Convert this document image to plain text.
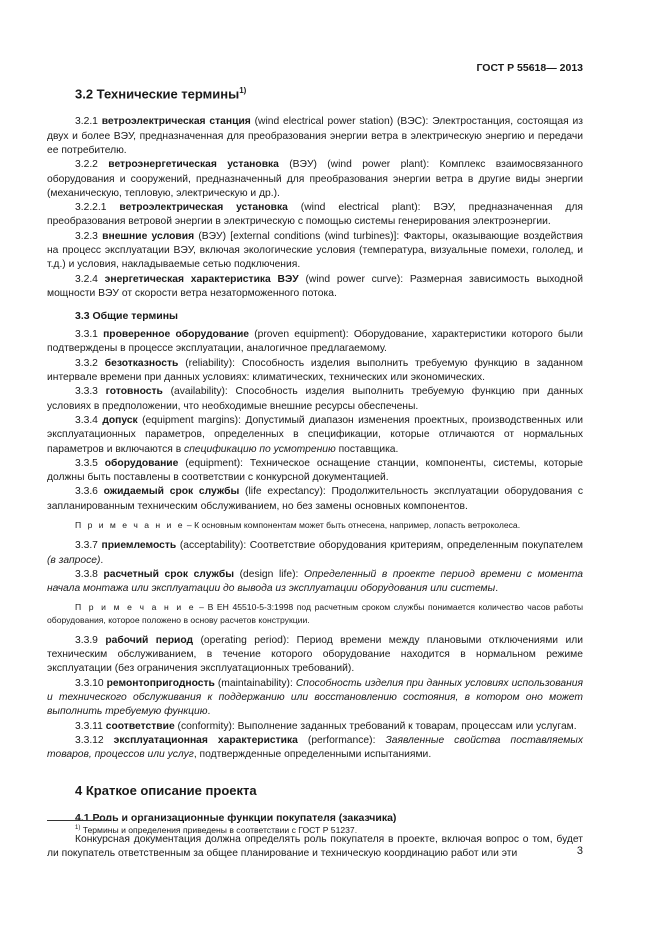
ГОСТ Р 55618— 2013
3.2 Технические термины$^{1)}$

3.2.1 ветроэлектрическая станция (wind electrical power station) (ВЭС): Электростанция, состоящая из двух и более ВЭУ, предназначенная для преобразования энергии ветра в электрическую энергию и передачи ее потребителю.

3.2.2 ветроэнергетическая установка (ВЭУ) (wind power plant): Комплекс взаимосвязанного оборудования и сооружений, предназначенный для преобразования энергии ветра в другие виды энергии (механическую, тепловую, электрическую и др.).

3.2.2.1 ветроэлектрическая установка (wind electrical plant): ВЭУ, предназначенная для преобразования ветровой энергии в электрическую с помощью системы генерирования электроэнергии.

3.2.3 внешние условия (ВЭУ) [external conditions (wind turbines)]: Факторы, оказывающие воздействия на процесс эксплуатации ВЭУ, включая экологические условия (температура, визуальные помехи, гололед, и т.д.) и условия, накладываемые сетью подключения.

3.2.4 энергетическая характеристика ВЭУ (wind power curve): Размерная зависимость выходной мощности ВЭУ от скорости ветра незаторможенного потока.

3.3 Общие термины

3.3.1 проверенное оборудование (proven equipment): Оборудование, характеристики которого были подтверждены в процессе эксплуатации, аналогичное предлагаемому.

3.3.2 безотказность (reliability): Способность изделия выполнить требуемую функцию в заданном интервале времени при данных условиях: климатических, технических или экономических.

3.3.3 готовность (availability): Способность изделия выполнить требуемую функцию при данных условиях в предположении, что необходимые внешние ресурсы обеспечены.

3.3.4 допуск (equipment margins): Допустимый диапазон изменения проектных, производственных или эксплуатационных параметров, определенных в спецификации, которые отличаются от нормальных параметров и включаются в спецификацию по усмотрению поставщика.

3.3.5 оборудование (equipment): Техническое оснащение станции, компоненты, системы, которые должны быть поставлены в соответствии с конкурсной документацией.

3.3.6 ожидаемый срок службы (life expectancy): Продолжительность эксплуатации оборудования с запланированным техническим обслуживанием, но без замены основных компонентов.

П р и м е ч а н и е – К основным компонентам может быть отнесена, например, лопасть ветроколеса.

3.3.7 приемлемость (acceptability): Соответствие оборудования критериям, определенным покупателем (в запросе).

3.3.8 расчетный срок службы (design life): Определенный в проекте период времени с момента начала монтажа или эксплуатации до вывода из эксплуатации оборудования или системы.

П р и м е ч а н и е – В ЕН 45510-5-3:1998 под расчетным сроком службы понимается количество часов работы оборудования, которое положено в основу расчетов конструкции.

3.3.9 рабочий период (operating period): Период времени между плановыми отключениями или техническим обслуживанием, в течение которого оборудование находится в нормальном режиме эксплуатации (без ограничения эксплуатационных требований).

3.3.10 ремонтопригодность (maintainability): Способность изделия при данных условиях использования и технического обслуживания к поддержанию или восстановлению состояния, в котором оно может выполнить требуемую функцию.

3.3.11 соответствие (conformity): Выполнение заданных требований к товарам, процессам или услугам.

3.3.12 эксплуатационная характеристика (performance): Заявленные свойства поставляемых товаров, процессов или услуг, подтвержденные определенными испытаниями.

4 Краткое описание проекта
4.1 Роль и организационные функции покупателя (заказчика)

Конкурсная документация должна определять роль покупателя в проекте, включая вопрос о том, будет ли покупатель ответственным за общее планирование и техническую координацию работ или эти

$^{1)}$ Термины и определения приведены в соответствии с ГОСТ Р 51237.
3
